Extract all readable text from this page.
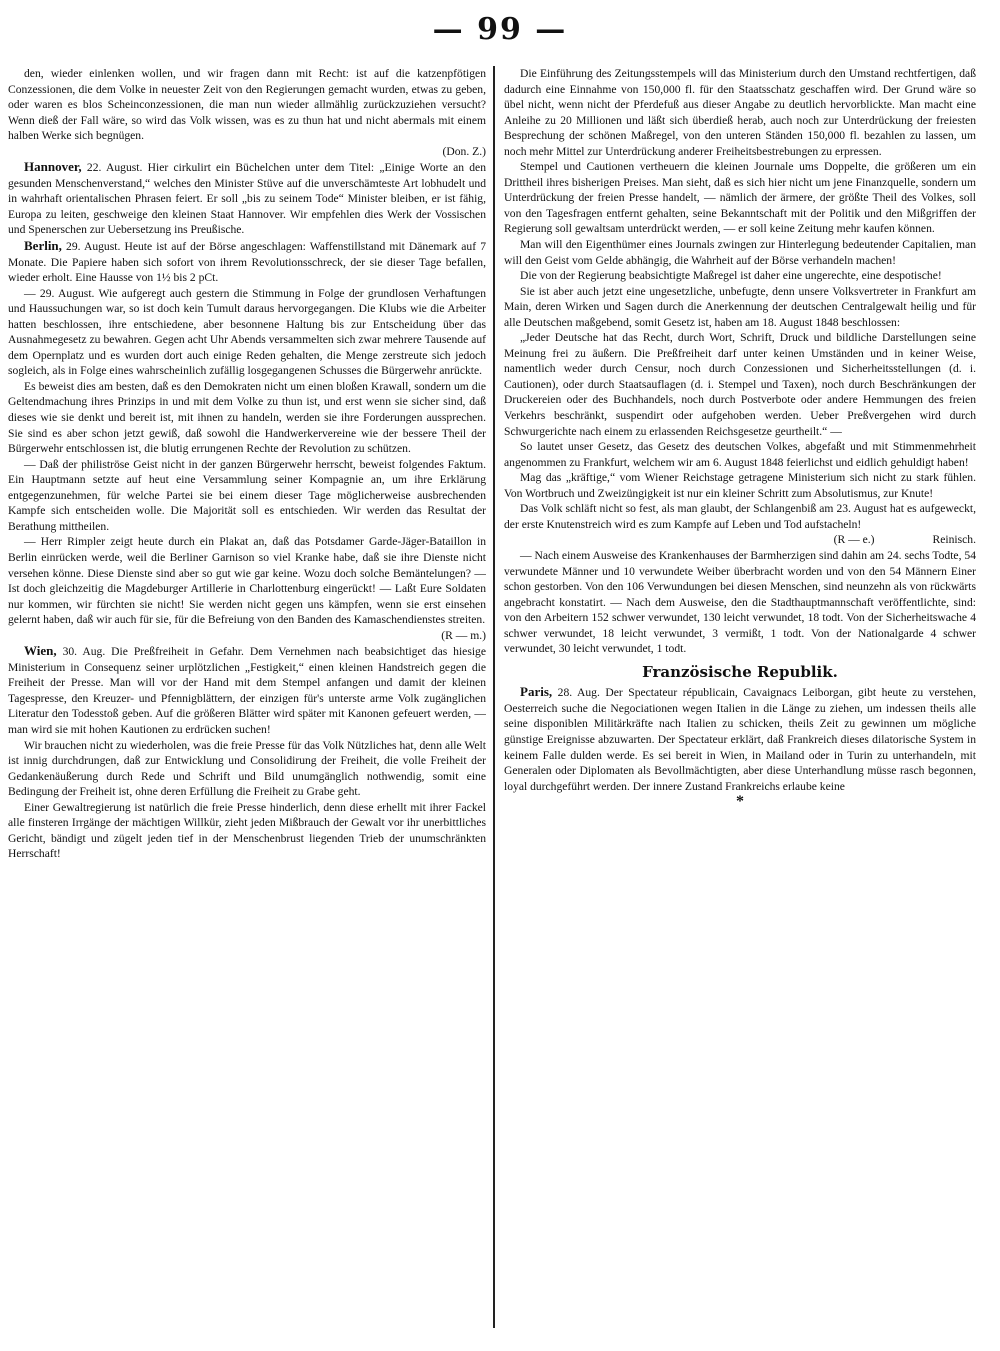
— 99 —

den, wieder einlenken wollen, und wir fragen dann mit Recht: ist auf die katzenpfötigen Conzessionen, die dem Volke in neuester Zeit von den Regierungen gemacht wurden, etwas zu geben, oder waren es blos Scheinconzessionen, die man nun wieder allmählig zurückzuziehen versucht? Wenn dieß der Fall wäre, so wird das Volk wissen, was es zu thun hat und nicht abermals mit einem halben Werke sich begnügen.

(Don. Z.)

Hannover, 22. August. Hier cirkulirt ein Büchelchen unter dem Titel: „Einige Worte an den gesunden Menschenverstand,“ welches den Minister Stüve auf die unverschämteste Art lobhudelt und in wahrhaft orientalischen Phrasen feiert. Er soll „bis zu seinem Tode“ Minister bleiben, er ist fähig, Europa zu leiten, geschweige den kleinen Staat Hannover. Wir empfehlen dies Werk der Vossischen und Spenerschen zur Uebersetzung ins Preußische.

Berlin, 29. August. Heute ist auf der Börse angeschlagen: Waffenstillstand mit Dänemark auf 7 Monate. Die Papiere haben sich sofort von ihrem Revolutionsschreck, der sie dieser Tage befallen, wieder erholt. Eine Hausse von 1½ bis 2 pCt.

— 29. August. Wie aufgeregt auch gestern die Stimmung in Folge der grundlosen Verhaftungen und Haussuchungen war, so ist doch kein Tumult daraus hervorgegangen. Die Klubs wie die Arbeiter hatten beschlossen, ihre entschiedene, aber besonnene Haltung bis zur Entscheidung über das Ausnahmegesetz zu bewahren. Gegen acht Uhr Abends versammelten sich zwar mehrere Tausende auf dem Opernplatz und es wurden dort auch einige Reden gehalten, die Menge zerstreute sich jedoch sogleich, als in Folge eines wahrscheinlich zufällig losgegangenen Schusses die Bürgerwehr anrückte.

Es beweist dies am besten, daß es den Demokraten nicht um einen bloßen Krawall, sondern um die Geltendmachung ihres Prinzips in und mit dem Volke zu thun ist, und erst wenn sie sicher sind, daß dieses wie sie denkt und bereit ist, mit ihnen zu handeln, werden sie ihre Forderungen aussprechen. Sie sind es aber schon jetzt gewiß, daß sowohl die Handwerkervereine wie der bessere Theil der Bürgerwehr entschlossen ist, die blutig errungenen Rechte der Revolution zu schützen.

— Daß der philiströse Geist nicht in der ganzen Bürgerwehr herrscht, beweist folgendes Faktum. Ein Hauptmann setzte auf heut eine Versammlung seiner Kompagnie an, um ihre Erklärung entgegenzunehmen, für welche Partei sie bei einem dieser Tage möglicherweise ausbrechenden Kampfe sich entscheiden wolle. Die Majorität soll es entschieden. Wir werden das Resultat der Berathung mittheilen.

— Herr Rimpler zeigt heute durch ein Plakat an, daß das Potsdamer Garde-Jäger-Bataillon in Berlin einrücken werde, weil die Berliner Garnison so viel Kranke habe, daß sie ihre Dienste nicht versehen könne. Diese Dienste sind aber so gut wie gar keine. Wozu doch solche Bemäntelungen? — Ist doch gleichzeitig die Magdeburger Artillerie in Charlottenburg eingerückt! — Laßt Eure Soldaten nur kommen, wir fürchten sie nicht! Sie werden nicht gegen uns kämpfen, wenn sie erst einsehen gelernt haben, daß wir auch für sie, für die Befreiung von den Banden des Kamaschendienstes streiten.

(R — m.)

Wien, 30. Aug. Die Preßfreiheit in Gefahr. Dem Vernehmen nach beabsichtiget das hiesige Ministerium in Consequenz seiner urplötzlichen „Festigkeit,“ einen kleinen Handstreich gegen die Freiheit der Presse. Man will vor der Hand mit dem Stempel anfangen und damit der kleinen Tagespresse, den Kreuzer- und Pfennigblättern, der einzigen für's unterste arme Volk zugänglichen Literatur den Todesstoß geben. Auf die größeren Blätter wird später mit Kanonen gefeuert werden, — man wird sie mit hohen Kautionen zu erdrücken suchen!

Wir brauchen nicht zu wiederholen, was die freie Presse für das Volk Nützliches hat, denn alle Welt ist innig durchdrungen, daß zur Entwicklung und Consolidirung der Freiheit, die volle Freiheit der Gedankenäußerung durch Rede und Schrift und Bild unumgänglich nothwendig, somit eine Bedingung der Freiheit ist, ohne deren Erfüllung die Freiheit zu Grabe geht.

Einer Gewaltregierung ist natürlich die freie Presse hinderlich, denn diese erhellt mit ihrer Fackel alle finsteren Irrgänge der mächtigen Willkür, zieht jeden Mißbrauch der Gewalt vor ihr unerbittliches Gericht, bändigt und zügelt jeden tief in der Menschenbrust liegenden Trieb der unumschränkten Herrschaft!

Die Einführung des Zeitungsstempels will das Ministerium durch den Umstand rechtfertigen, daß dadurch eine Einnahme von 150,000 fl. für den Staatsschatz geschaffen wird. Der Grund wäre so übel nicht, wenn nicht der Pferdefuß aus dieser Angabe zu deutlich hervorblickte. Man macht eine Anleihe zu 20 Millionen und läßt sich überdieß herab, auch noch zur Unterdrückung der freiesten Besprechung der schönen Maßregel, von den unteren Ständen 150,000 fl. bezahlen zu lassen, um noch mehr Mittel zur Unterdrückung anderer Freiheitsbestrebungen zu erpressen.

Stempel und Cautionen vertheuern die kleinen Journale ums Doppelte, die größeren um ein Drittheil ihres bisherigen Preises. Man sieht, daß es sich hier nicht um jene Finanzquelle, sondern um Unterdrückung der freien Presse handelt, — nämlich der ärmere, der größte Theil des Volkes, soll von den Tagesfragen entfernt gehalten, seine Bekanntschaft mit der Politik und den Mißgriffen der Regierung soll gewaltsam unterdrückt werden, — er soll keine Zeitung mehr kaufen können.

Man will den Eigenthümer eines Journals zwingen zur Hinterlegung bedeutender Capitalien, man will den Geist vom Gelde abhängig, die Wahrheit auf der Börse verhandeln machen!

Die von der Regierung beabsichtigte Maßregel ist daher eine ungerechte, eine despotische!

Sie ist aber auch jetzt eine ungesetzliche, unbefugte, denn unsere Volksvertreter in Frankfurt am Main, deren Wirken und Sagen durch die Anerkennung der deutschen Centralgewalt heilig und für alle Deutschen maßgebend, somit Gesetz ist, haben am 18. August 1848 beschlossen:

„Jeder Deutsche hat das Recht, durch Wort, Schrift, Druck und bildliche Darstellungen seine Meinung frei zu äußern. Die Preßfreiheit darf unter keinen Umständen und in keiner Weise, namentlich weder durch Censur, noch durch Conzessionen und Sicherheitsstellungen (d. i. Cautionen), oder durch Staatsauflagen (d. i. Stempel und Taxen), noch durch Beschränkungen der Druckereien oder des Buchhandels, noch durch Postverbote oder andere Hemmungen des freien Verkehrs beschränkt, suspendirt oder aufgehoben werden. Ueber Preßvergehen wird durch Schwurgerichte nach einem zu erlassenden Reichsgesetze geurtheilt.“ —

So lautet unser Gesetz, das Gesetz des deutschen Volkes, abgefaßt und mit Stimmenmehrheit angenommen zu Frankfurt, welchem wir am 6. August 1848 feierlichst und eidlich gehuldigt haben!

Mag das „kräftige,“ vom Wiener Reichstage getragene Ministerium sich nicht zu stark fühlen. Von Wortbruch und Zweizüngigkeit ist nur ein kleiner Schritt zum Absolutismus, zur Knute!

Das Volk schläft nicht so fest, als man glaubt, der Schlangenbiß am 23. August hat es aufgeweckt, der erste Knutenstreich wird es zum Kampfe auf Leben und Tod aufstacheln!

(R — e.)                    Reinisch.

— Nach einem Ausweise des Krankenhauses der Barmherzigen sind dahin am 24. sechs Todte, 54 verwundete Männer und 10 verwundete Weiber überbracht worden und von den 54 Männern Einer schon gestorben. Von den 106 Verwundungen bei diesen Menschen, sind neunzehn als von rückwärts angebracht konstatirt. — Nach dem Ausweise, den die Stadthauptmannschaft veröffentlichte, sind: von den Arbeitern 152 schwer verwundet, 130 leicht verwundet, 18 todt. Von der Sicherheitswache 4 schwer verwundet, 18 leicht verwundet, 3 vermißt, 1 todt. Von der Nationalgarde 4 schwer verwundet, 30 leicht verwundet, 1 todt.

Französische Republik.

Paris, 28. Aug. Der Spectateur républicain, Cavaignacs Leiborgan, gibt heute zu verstehen, Oesterreich suche die Negociationen wegen Italien in die Länge zu ziehen, um indessen theils alle seine disponiblen Militärkräfte nach Italien zu schicken, theils Zeit zu gewinnen um mögliche günstige Ereignisse abzuwarten. Der Spectateur erklärt, daß Frankreich dieses dilatorische System in keinem Falle dulden werde. Es sei bereit in Wien, in Mailand oder in Turin zu unterhandeln, mit Generalen oder Diplomaten als Bevollmächtigten, aber diese Unterhandlung müsse rasch begonnen, loyal durchgeführt werden. Der innere Zustand Frankreichs erlaube keine

*
